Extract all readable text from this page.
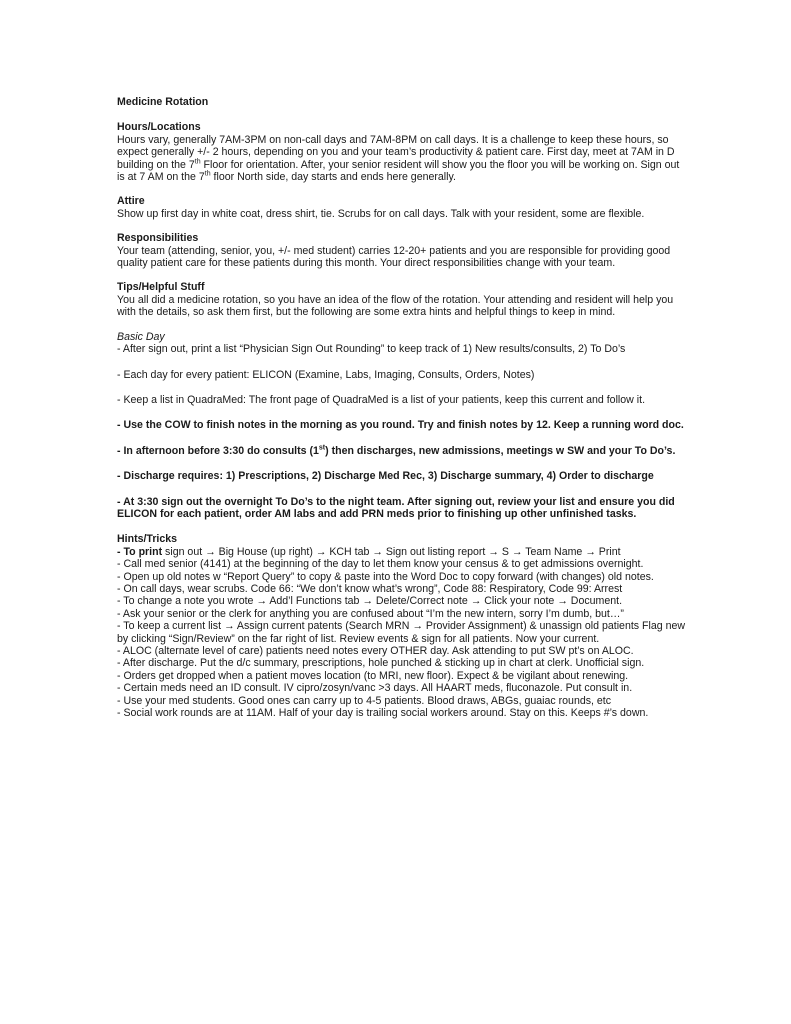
Medicine Rotation
Hours/Locations

Hours vary, generally 7AM-3PM on non-call days and 7AM-8PM on call days. It is a challenge to keep these hours, so expect generally +/- 2 hours, depending on you and your team’s productivity & patient care. First day, meet at 7AM in D building on the 7th Floor for orientation. After, your senior resident will show you the floor you will be working on. Sign out is at 7 AM on the 7th floor North side, day starts and ends here generally.

Attire

Show up first day in white coat, dress shirt, tie. Scrubs for on call days. Talk with your resident, some are flexible.

Responsibilities

Your team (attending, senior, you, +/- med student) carries 12-20+ patients and you are responsible for providing good quality patient care for these patients during this month. Your direct responsibilities change with your team.

Tips/Helpful Stuff

You all did a medicine rotation, so you have an idea of the flow of the rotation. Your attending and resident will help you with the details, so ask them first, but the following are some extra hints and helpful things to keep in mind.

Basic Day

- After sign out, print a list “Physician Sign Out Rounding” to keep track of 1) New results/consults, 2) To Do’s

- Each day for every patient: ELICON (Examine, Labs, Imaging, Consults, Orders, Notes)

- Keep a list in QuadraMed: The front page of QuadraMed is a list of your patients, keep this current and follow it.

- Use the COW to finish notes in the morning as you round. Try and finish notes by 12. Keep a running word doc.

- In afternoon before 3:30 do consults (1st) then discharges, new admissions, meetings w SW and your To Do’s.

- Discharge requires: 1) Prescriptions, 2) Discharge Med Rec, 3) Discharge summary, 4) Order to discharge

- At 3:30 sign out the overnight To Do’s to the night team. After signing out, review your list and ensure you did ELICON for each patient, order AM labs and add PRN meds prior to finishing up other unfinished tasks.

Hints/Tricks

- To print sign out → Big House (up right) → KCH tab → Sign out listing report → S → Team Name → Print

- Call med senior (4141) at the beginning of the day to let them know your census & to get admissions overnight.

- Open up old notes w “Report Query” to copy & paste into the Word Doc to copy forward (with changes) old notes.

- On call days, wear scrubs. Code 66: “We don’t know what’s wrong”, Code 88: Respiratory, Code 99: Arrest

- To change a note you wrote → Add’l Functions tab → Delete/Correct note → Click your note → Document.

- Ask your senior or the clerk for anything you are confused about “I’m the new intern, sorry I’m dumb, but…”

- To keep a current list → Assign current patents (Search MRN → Provider Assignment) & unassign old patients Flag new by clicking “Sign/Review” on the far right of list. Review events & sign for all patients. Now your current.

- ALOC (alternate level of care) patients need notes every OTHER day. Ask attending to put SW pt’s on ALOC.

- After discharge. Put the d/c summary, prescriptions, hole punched & sticking up in chart at clerk. Unofficial sign.

- Orders get dropped when a patient moves location (to MRI, new floor). Expect & be vigilant about renewing.

- Certain meds need an ID consult. IV cipro/zosyn/vanc >3 days. All HAART meds, fluconazole. Put consult in.

- Use your med students. Good ones can carry up to 4-5 patients. Blood draws, ABGs, guaiac rounds, etc

- Social work rounds are at 11AM. Half of your day is trailing social workers around. Stay on this. Keeps #’s down.
